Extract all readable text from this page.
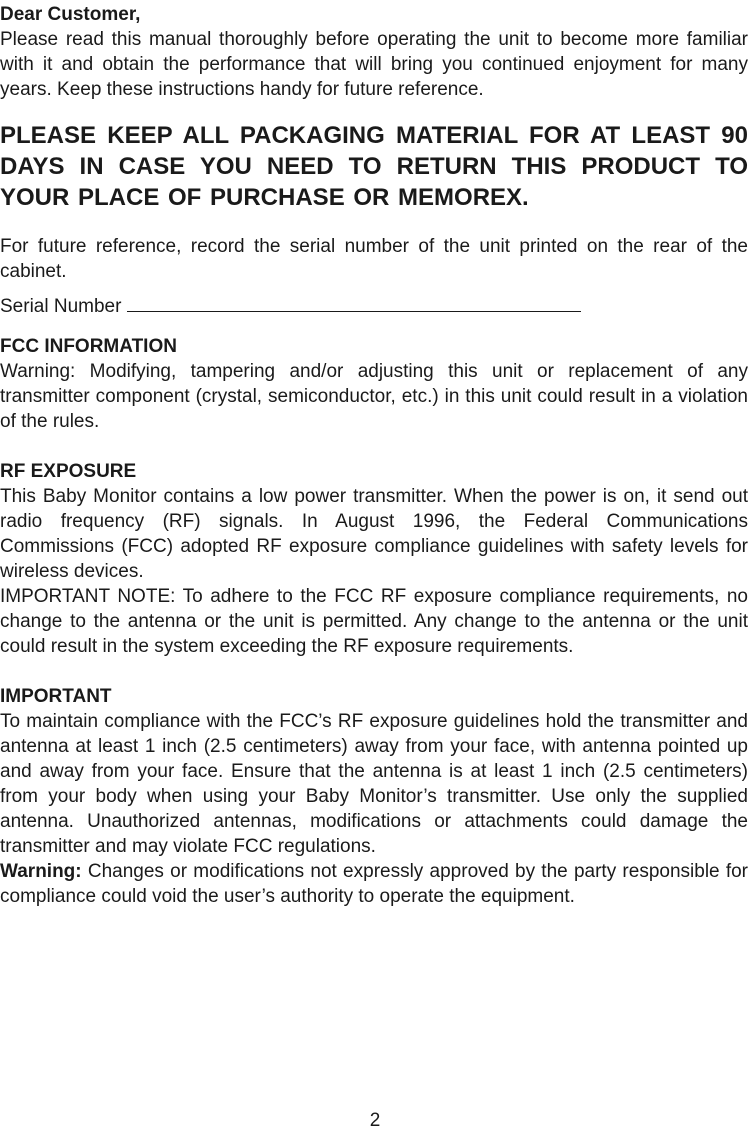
Dear Customer,

Please read this manual thoroughly before operating the unit to become more familiar with it and obtain the performance that will bring you continued enjoyment for many years. Keep these instructions handy for future reference.

PLEASE KEEP ALL PACKAGING MATERIAL FOR AT LEAST 90 DAYS IN CASE YOU NEED TO RETURN THIS PRODUCT TO YOUR PLACE OF PURCHASE OR MEMOREX.

For future reference, record the serial number of the unit printed on the rear of the cabinet.

Serial Number

FCC INFORMATION

Warning: Modifying, tampering and/or adjusting this unit or replacement of any transmitter component (crystal, semiconductor, etc.) in this unit could result in a violation of the rules.

RF EXPOSURE

This Baby Monitor contains a low power transmitter. When the power is on, it send out radio frequency (RF) signals. In August 1996, the Federal Communications Commissions (FCC) adopted RF exposure compliance guidelines with safety levels for wireless devices.

IMPORTANT NOTE: To adhere to the FCC RF exposure compliance requirements, no change to the antenna or the unit is permitted. Any change to the antenna or the unit could result in the system exceeding the RF exposure requirements.

IMPORTANT

To maintain compliance with the FCC’s RF exposure guidelines hold the transmitter and antenna at least 1 inch (2.5 centimeters) away from your face, with antenna pointed up and away from your face. Ensure that the antenna is at least 1 inch (2.5 centimeters) from your body when using your Baby Monitor’s transmitter. Use only the supplied antenna. Unauthorized antennas, modifications or attachments could damage the transmitter and may violate FCC regulations.

Warning: Changes or modifications not expressly approved by the party responsible for compliance could void the user’s authority to operate the equipment.

2
